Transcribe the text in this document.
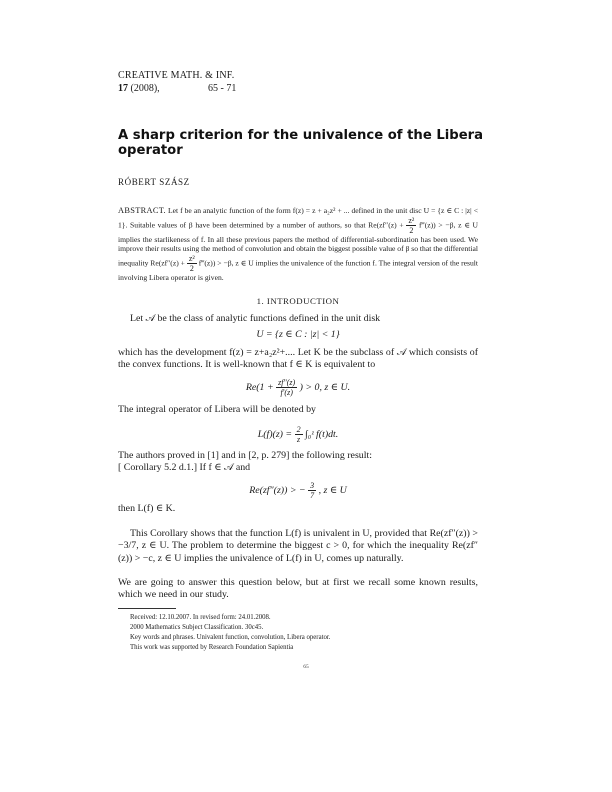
CREATIVE MATH. & INF.
17 (2008),	65 - 71
A sharp criterion for the univalence of the Libera operator
RÓBERT SZÁSZ
ABSTRACT. Let f be an analytic function of the form f(z) = z + a₂z² + ... defined in the unit disc U = {z ∈ C : |z| < 1}. Suitable values of β have been determined by a number of authors, so that $Re(zf''(z) + \frac{\text{z²}}{2}$ f‴(z)) > −β, z ∈ U implies the starlikeness of f. In all these previous papers the method of differential-subordination has been used. We improve their results using the method of convolution and obtain the biggest possible value of β so that the differential inequality $Re(zf''(z) + \frac{\text{z²}}{2}$ f‴(z)) > −β, z ∈ U implies the univalence of the function f. The integral version of the result involving Libera operator is given.
1. INTRODUCTION
Let 𝒜 be the class of analytic functions defined in the unit disk
U = {z ∈ C : |z| < 1}
which has the development f(z) = z+a₂z²+.... Let K be the subclass of 𝒜 which consists of the convex functions. It is well-known that f ∈ K is equivalent to
$Re(1 + \frac{zf''(z)}{f'(z)}$ ) > 0, z ∈ U.
The integral operator of Libera will be denoted by
$L(f)(z) = \frac{2}{z}$ ∫₀ᶻ f(t)dt.
The authors proved in [1] and in [2, p. 279] the following result:
[ Corollary 5.2 d.1.] If f ∈ 𝒜 and
Re(zf″(z)) > − $\frac{3}{7}$ , z ∈ U
then L(f) ∈ K.
This Corollary shows that the function L(f) is univalent in U, provided that Re(zf″(z)) > −3/7, z ∈ U. The problem to determine the biggest c > 0, for which the inequality Re(zf″(z)) > −c, z ∈ U implies the univalence of L(f) in U, comes up naturally.
We are going to answer this question below, but at first we recall some known results, which we need in our study.
Received: 12.10.2007. In revised form: 24.01.2008.
2000 Mathematics Subject Classification. 30c45.
Key words and phrases. Univalent function, convolution, Libera operator.
This work was supported by Research Foundation Sapientia
65
